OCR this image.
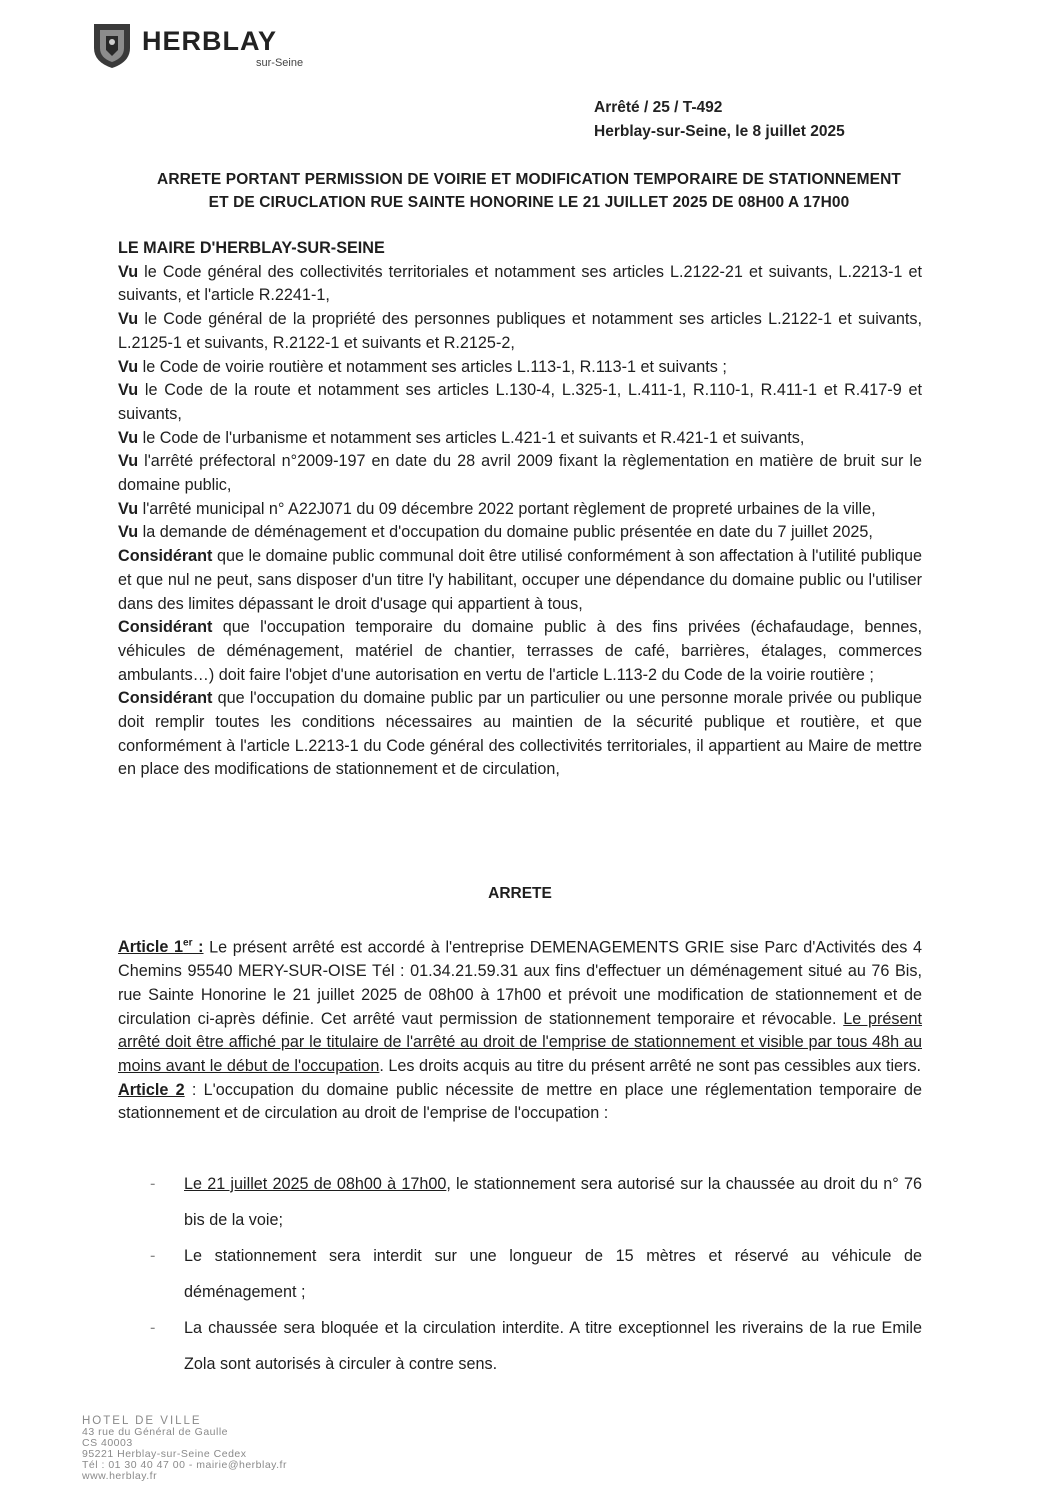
HERBLAY
sur-Seine
Arrêté / 25 / T-492
Herblay-sur-Seine, le 8 juillet 2025
ARRETE PORTANT PERMISSION DE VOIRIE ET MODIFICATION TEMPORAIRE DE STATIONNEMENT
ET DE CIRUCLATION RUE SAINTE HONORINE LE 21 JUILLET 2025 DE 08H00 A 17H00

LE MAIRE D'HERBLAY-SUR-SEINE

Vu le Code général des collectivités territoriales et notamment ses articles L.2122-21 et suivants, L.2213-1 et suivants, et l'article R.2241-1,

Vu le Code général de la propriété des personnes publiques et notamment ses articles L.2122-1 et suivants, L.2125-1 et suivants, R.2122-1 et suivants et R.2125-2,

Vu le Code de voirie routière et notamment ses articles L.113-1, R.113-1 et suivants ;

Vu le Code de la route et notamment ses articles L.130-4, L.325-1, L.411-1, R.110-1, R.411-1 et R.417-9 et suivants,

Vu le Code de l'urbanisme et notamment ses articles L.421-1 et suivants et R.421-1 et suivants,

Vu l'arrêté préfectoral n°2009-197 en date du 28 avril 2009 fixant la règlementation en matière de bruit sur le domaine public,

Vu l'arrêté municipal n° A22J071 du 09 décembre 2022 portant règlement de propreté urbaines de la ville,

Vu la demande de déménagement et d'occupation du domaine public présentée en date du 7 juillet 2025,

Considérant que le domaine public communal doit être utilisé conformément à son affectation à l'utilité publique et que nul ne peut, sans disposer d'un titre l'y habilitant, occuper une dépendance du domaine public ou l'utiliser dans des limites dépassant le droit d'usage qui appartient à tous,

Considérant que l'occupation temporaire du domaine public à des fins privées (échafaudage, bennes, véhicules de déménagement, matériel de chantier, terrasses de café, barrières, étalages, commerces ambulants…) doit faire l'objet d'une autorisation en vertu de l'article L.113-2 du Code de la voirie routière ;

Considérant que l'occupation du domaine public par un particulier ou une personne morale privée ou publique doit remplir toutes les conditions nécessaires au maintien de la sécurité publique et routière, et que conformément à l'article L.2213-1 du Code général des collectivités territoriales, il appartient au Maire de mettre en place des modifications de stationnement et de circulation,

ARRETE

Article 1er : Le présent arrêté est accordé à l'entreprise DEMENAGEMENTS GRIE sise Parc d'Activités des 4 Chemins 95540 MERY-SUR-OISE Tél : 01.34.21.59.31 aux fins d'effectuer un déménagement situé au 76 Bis, rue Sainte Honorine le 21 juillet 2025 de 08h00 à 17h00 et prévoit une modification de stationnement et de circulation ci-après définie. Cet arrêté vaut permission de stationnement temporaire et révocable. Le présent arrêté doit être affiché par le titulaire de l'arrêté au droit de l'emprise de stationnement et visible par tous 48h au moins avant le début de l'occupation. Les droits acquis au titre du présent arrêté ne sont pas cessibles aux tiers.

Article 2 : L'occupation du domaine public nécessite de mettre en place une réglementation temporaire de stationnement et de circulation au droit de l'emprise de l'occupation :

- Le 21 juillet 2025 de 08h00 à 17h00, le stationnement sera autorisé sur la chaussée au droit du n° 76 bis de la voie;
- Le stationnement sera interdit sur une longueur de 15 mètres et réservé au véhicule de déménagement ;
- La chaussée sera bloquée et la circulation interdite. A titre exceptionnel les riverains de la rue Emile Zola sont autorisés à circuler à contre sens.
HOTEL DE VILLE
43 rue du Général de Gaulle
CS 40003
95221 Herblay-sur-Seine Cedex
Tél : 01 30 40 47 00 - mairie@herblay.fr
www.herblay.fr
